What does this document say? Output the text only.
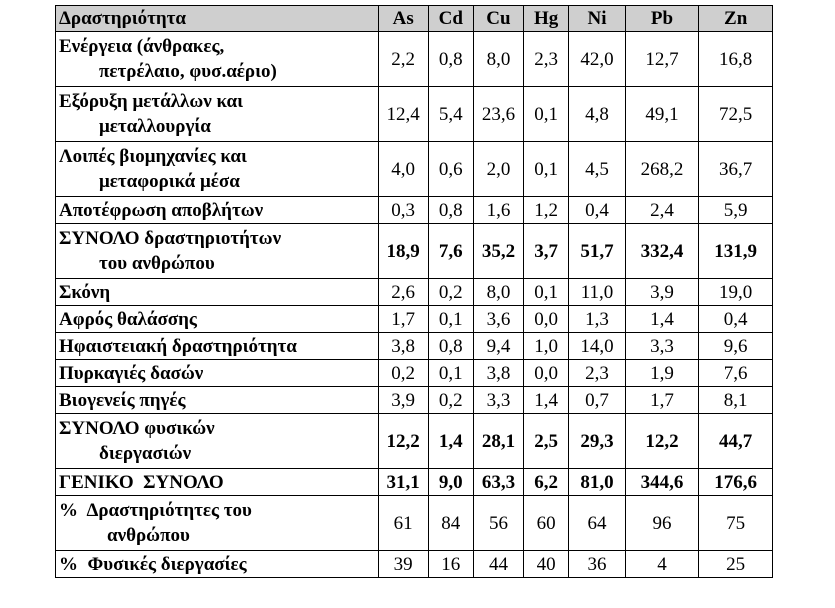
Δραστηριότητα	As	Cd	Cu	Hg	Ni	Pb	Zn

Ενέργεια (άνθρακες,
πετρέλαιο, φυσ.αέριο)	2,2	0,8	8,0	2,3	42,0	12,7	16,8

Εξόρυξη μετάλλων και
μεταλλουργία	12,4	5,4	23,6	0,1	4,8	49,1	72,5

Λοιπές βιομηχανίες και
μεταφορικά μέσα	4,0	0,6	2,0	0,1	4,5	268,2	36,7
Αποτέφρωση αποβλήτων	0,3	0,8	1,6	1,2	0,4	2,4	5,9

ΣΥΝΟΛΟ δραστηριοτήτων
του ανθρώπου	18,9	7,6	35,2	3,7	51,7	332,4	131,9
Σκόνη	2,6	0,2	8,0	0,1	11,0	3,9	19,0
Αφρός θαλάσσης	1,7	0,1	3,6	0,0	1,3	1,4	0,4
Ηφαιστειακή δραστηριότητα	3,8	0,8	9,4	1,0	14,0	3,3	9,6
Πυρκαγιές δασών	0,2	0,1	3,8	0,0	2,3	1,9	7,6
Βιογενείς πηγές	3,9	0,2	3,3	1,4	0,7	1,7	8,1

ΣΥΝΟΛΟ φυσικών
διεργασιών	12,2	1,4	28,1	2,5	29,3	12,2	44,7
ΓΕΝΙΚΟ  ΣΥΝΟΛΟ	31,1	9,0	63,3	6,2	81,0	344,6	176,6

%  Δραστηριότητες του
ανθρώπου	61	84	56	60	64	96	75
%  Φυσικές διεργασίες	39	16	44	40	36	4	25
